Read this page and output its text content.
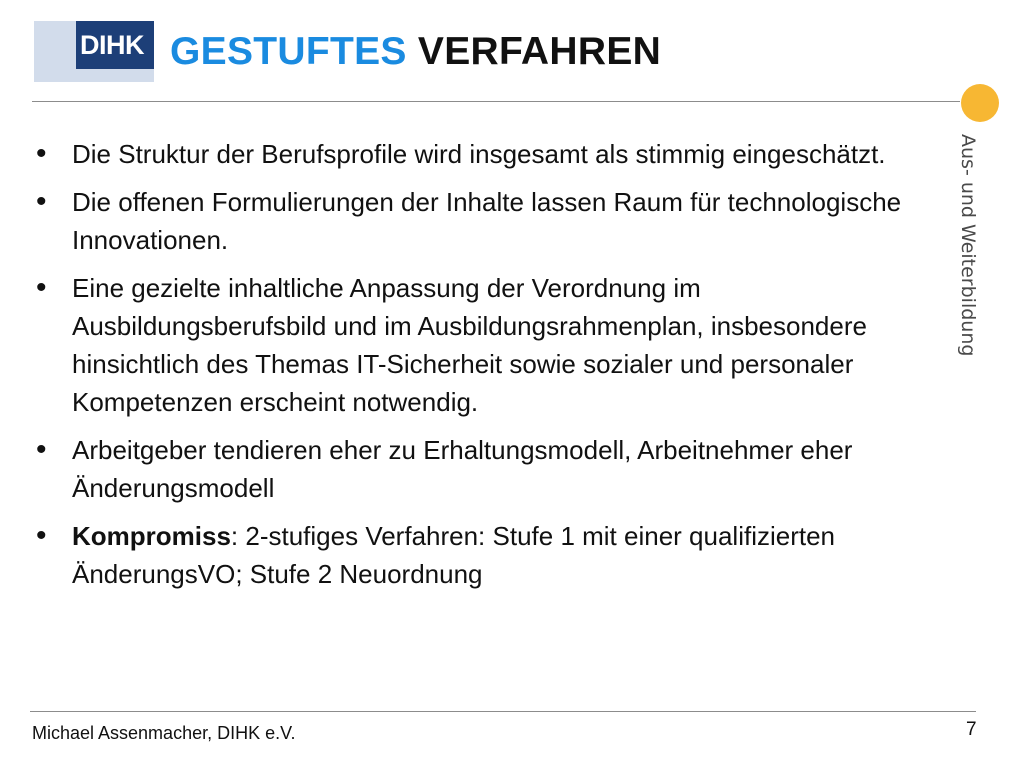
DIHK GESTUFTES VERFAHREN
Aus- und Weiterbildung
• Die Struktur der Berufsprofile wird insgesamt als stimmig eingeschätzt.
• Die offenen Formulierungen der Inhalte lassen Raum für technologische Innovationen.
• Eine gezielte inhaltliche Anpassung der Verordnung im Ausbildungsberufsbild und im Ausbildungsrahmenplan, insbesondere hinsichtlich des Themas IT-Sicherheit sowie sozialer und personaler Kompetenzen erscheint notwendig.
• Arbeitgeber tendieren eher zu Erhaltungsmodell, Arbeitnehmer eher Änderungsmodell
• Kompromiss: 2-stufiges Verfahren: Stufe 1 mit einer qualifizierten ÄnderungsVO; Stufe 2 Neuordnung
Michael Assenmacher, DIHK e.V.	7
